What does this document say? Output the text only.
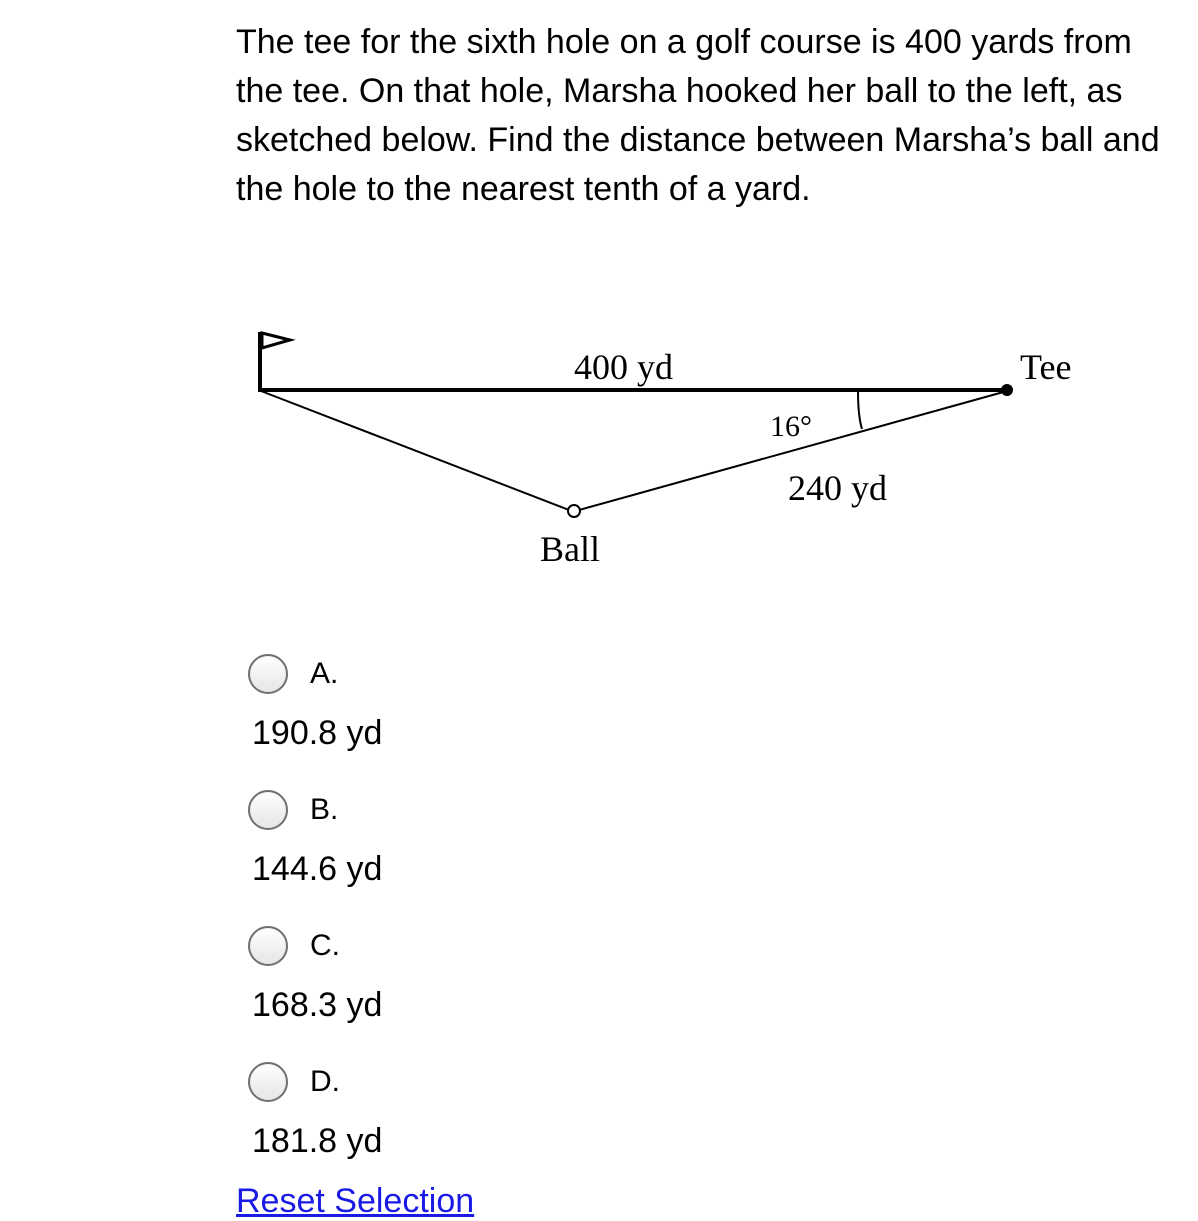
The tee for the sixth hole on a golf course is 400 yards from the tee. On that hole, Marsha hooked her ball to the left, as sketched below. Find the distance between Marsha’s ball and the hole to the nearest tenth of a yard.

400 yd	Tee
16°
240 yd
Ball
A.
190.8 yd
B.
144.6 yd
C.
168.3 yd
D.
181.8 yd
Reset Selection
